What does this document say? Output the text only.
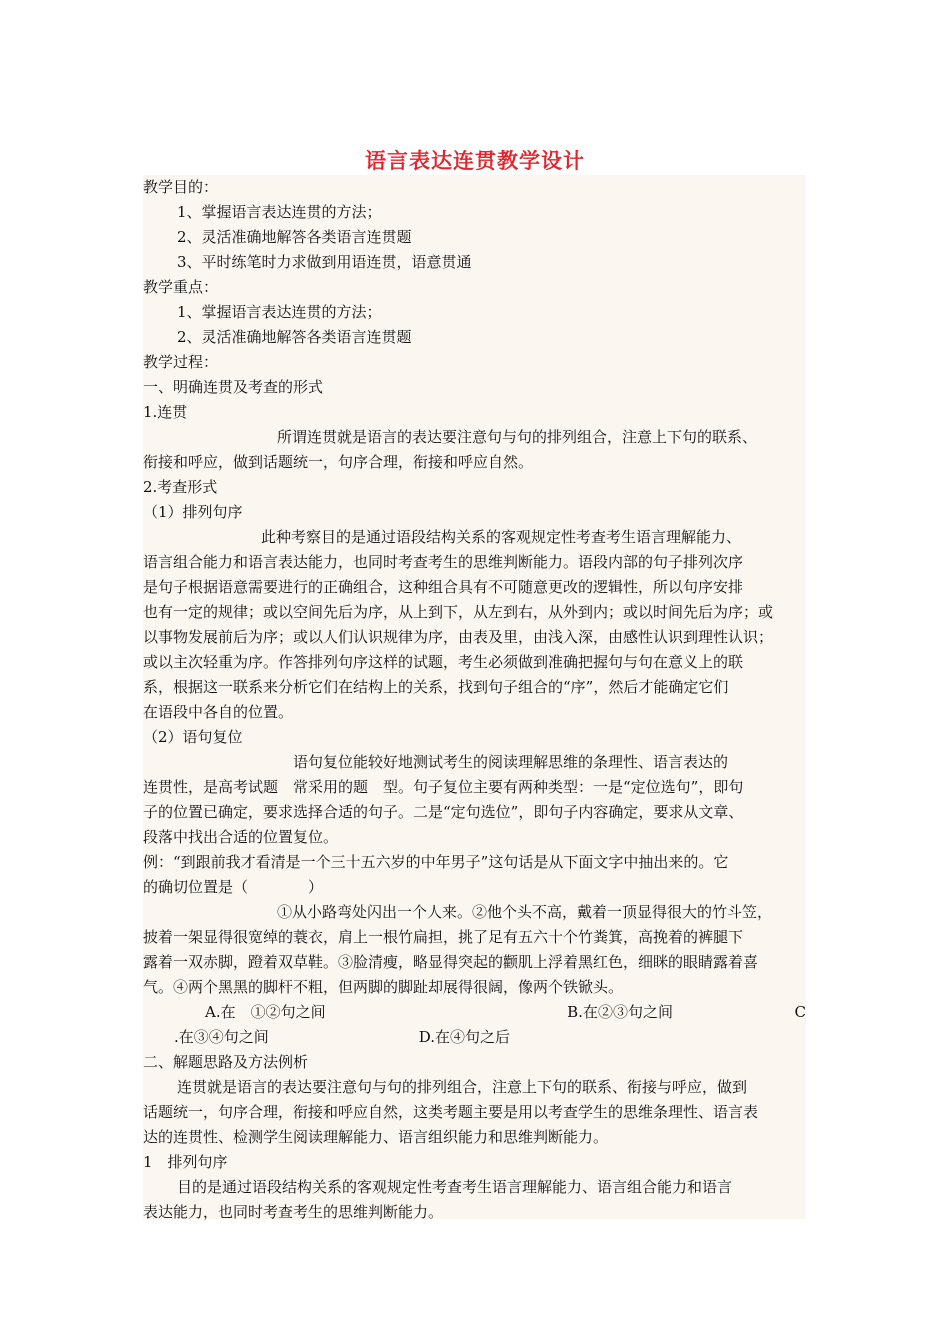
语言表达连贯教学设计

教学目的：

1、掌握语言表达连贯的方法；

2、灵活准确地解答各类语言连贯题

3、平时练笔时力求做到用语连贯，语意贯通

教学重点：

1、掌握语言表达连贯的方法；

2、灵活准确地解答各类语言连贯题

教学过程：

一、明确连贯及考查的形式

1.连贯

所谓连贯就是语言的表达要注意句与句的排列组合，注意上下句的联系、

衔接和呼应，做到话题统一，句序合理，衔接和呼应自然。

2.考查形式

（1）排列句序

此种考察目的是通过语段结构关系的客观规定性考查考生语言理解能力、

语言组合能力和语言表达能力，也同时考查考生的思维判断能力。语段内部的句子排列次序

是句子根据语意需要进行的正确组合，这种组合具有不可随意更改的逻辑性，所以句序安排

也有一定的规律；或以空间先后为序，从上到下，从左到右，从外到内；或以时间先后为序；或

以事物发展前后为序；或以人们认识规律为序，由表及里，由浅入深，由感性认识到理性认识；

或以主次轻重为序。作答排列句序这样的试题，考生必须做到准确把握句与句在意义上的联

系，根据这一联系来分析它们在结构上的关系，找到句子组合的“序”，然后才能确定它们

在语段中各自的位置。

（2）语句复位

语句复位能较好地测试考生的阅读理解思维的条理性、语言表达的

连贯性，是高考试题　常采用的题　型。句子复位主要有两种类型：一是“定位选句”，即句

子的位置已确定，要求选择合适的句子。二是“定句选位”，即句子内容确定，要求从文章、

段落中找出合适的位置复位。

例：“到跟前我才看清是一个三十五六岁的中年男子”这句话是从下面文字中抽出来的。它

的确切位置是（　　　　）

①从小路弯处闪出一个人来。②他个头不高，戴着一顶显得很大的竹斗笠，

披着一架显得很宽绰的蓑衣，肩上一根竹扁担，挑了足有五六十个竹粪箕，高挽着的裤腿下

露着一双赤脚，蹬着双草鞋。③脸清瘦，略显得突起的颧肌上浮着黑红色，细眯的眼睛露着喜

气。④两个黑黑的脚杆不粗，但两脚的脚趾却展得很阔，像两个铁锨头。

A.在　①②句之间	B.在②③句之间	C

.在③④句之间	D.在④句之后

二、解题思路及方法例析

连贯就是语言的表达要注意句与句的排列组合，注意上下句的联系、衔接与呼应，做到

话题统一，句序合理，衔接和呼应自然，这类考题主要是用以考查学生的思维条理性、语言表

达的连贯性、检测学生阅读理解能力、语言组织能力和思维判断能力。

1　排列句序

目的是通过语段结构关系的客观规定性考查考生语言理解能力、语言组合能力和语言

表达能力，也同时考查考生的思维判断能力。
